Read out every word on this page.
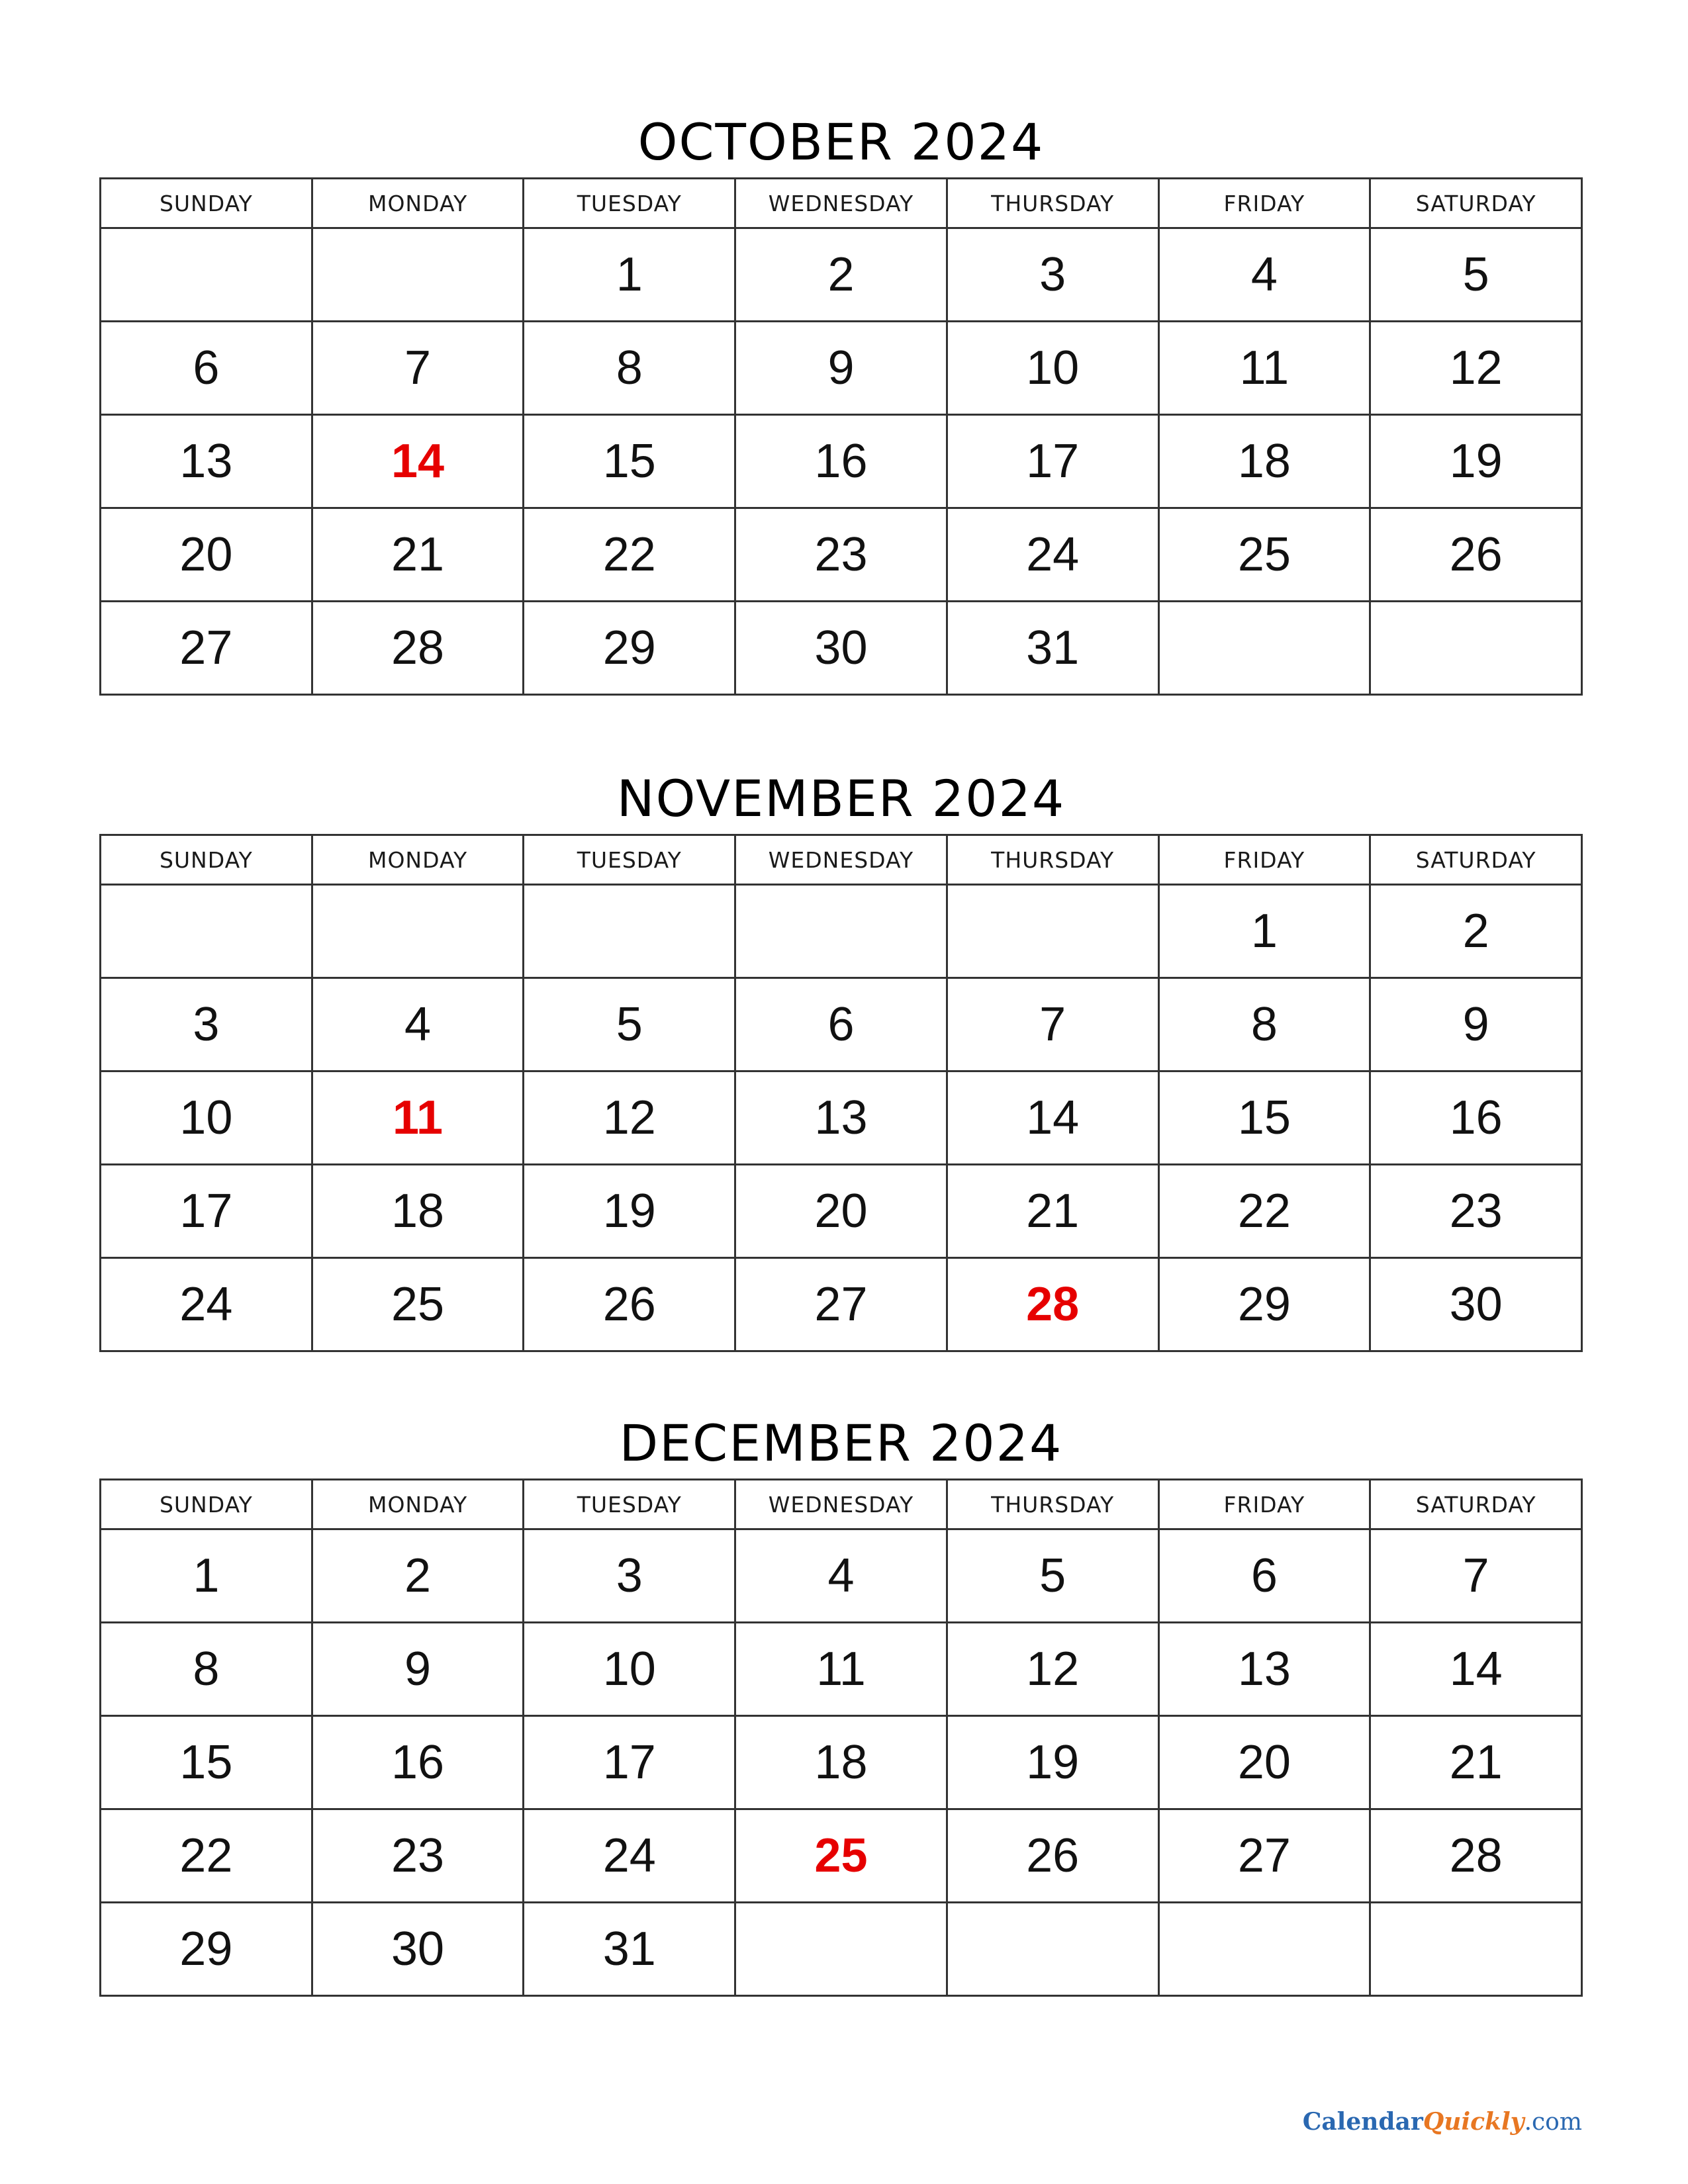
OCTOBER 2024
SUNDAY	MONDAY	TUESDAY	WEDNESDAY	THURSDAY	FRIDAY	SATURDAY
		1	2	3	4	5
6	7	8	9	10	11	12
13	14	15	16	17	18	19
20	21	22	23	24	25	26
27	28	29	30	31		
NOVEMBER 2024
SUNDAY	MONDAY	TUESDAY	WEDNESDAY	THURSDAY	FRIDAY	SATURDAY
					1	2
3	4	5	6	7	8	9
10	11	12	13	14	15	16
17	18	19	20	21	22	23
24	25	26	27	28	29	30
DECEMBER 2024
SUNDAY	MONDAY	TUESDAY	WEDNESDAY	THURSDAY	FRIDAY	SATURDAY
1	2	3	4	5	6	7
8	9	10	11	12	13	14
15	16	17	18	19	20	21
22	23	24	25	26	27	28
29	30	31				
CalendarQuickly.com
